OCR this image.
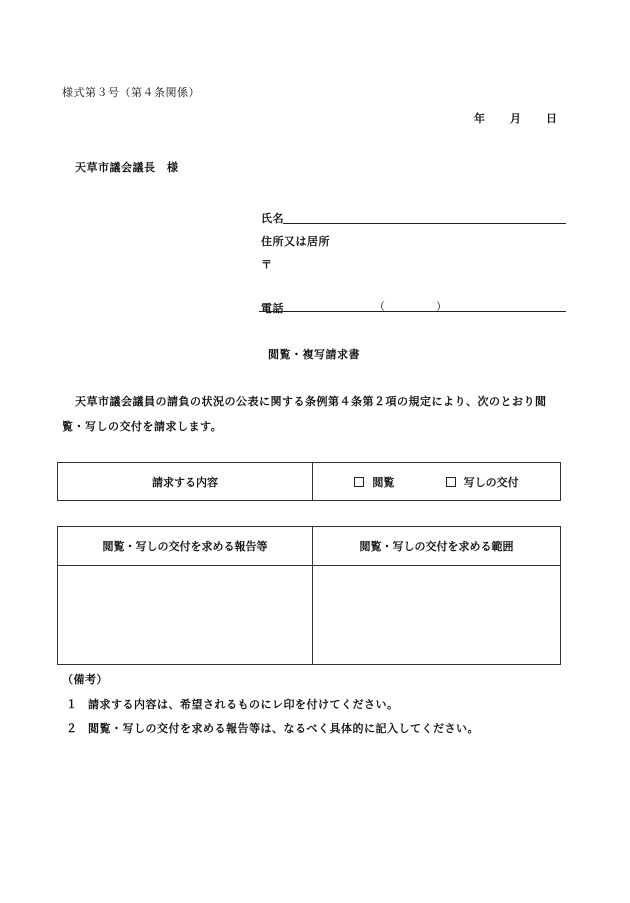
様式第３号（第４条関係）
年 月 日
天草市議会議長　様
氏名
住所又は居所
〒
電話	（	）
閲覧・複写請求書
天草市議会議員の請負の状況の公表に関する条例第４条第２項の規定により、次のとおり閲
覧・写しの交付を請求します。
請求する内容	閲覧	写しの交付
閲覧・写しの交付を求める報告等	閲覧・写しの交付を求める範囲

（備考）
１ 請求する内容は、希望されるものにレ印を付けてください。
２ 閲覧・写しの交付を求める報告等は、なるべく具体的に記入してください。
